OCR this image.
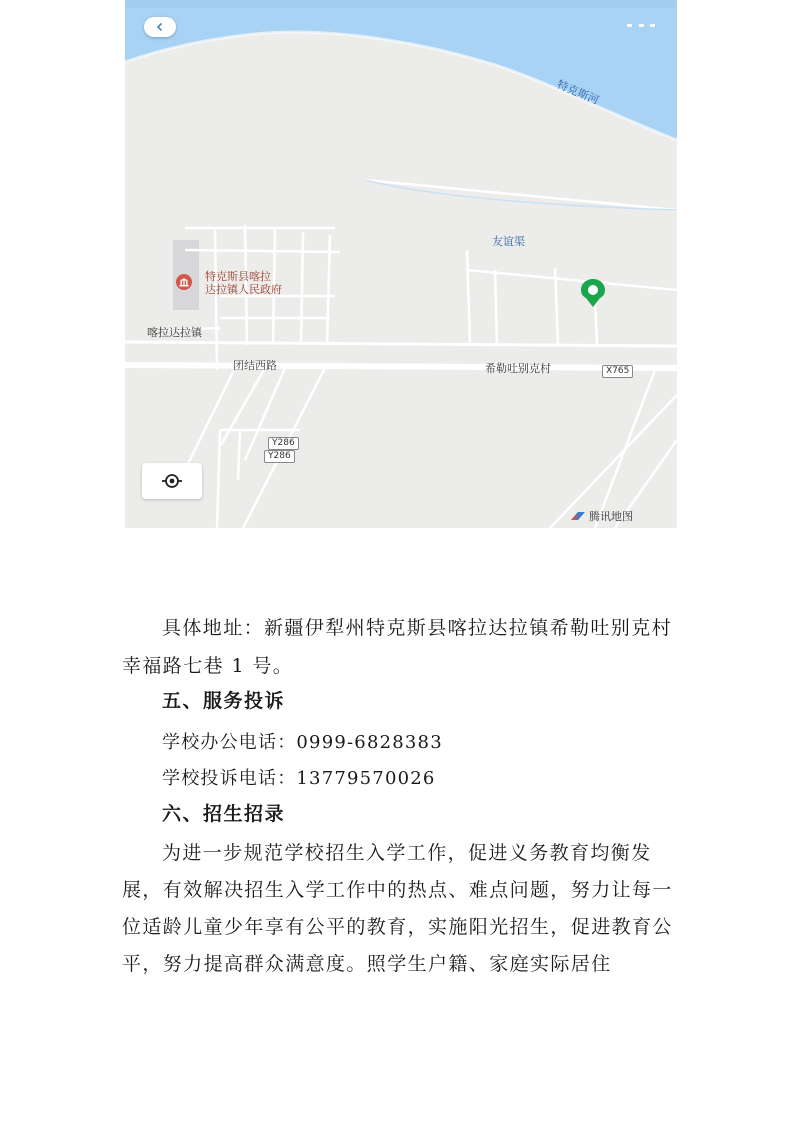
特克斯河
友谊渠
特克斯县喀拉
达拉镇人民政府
喀拉达拉镇
团结西路	希勒吐别克村	X765
Y286
Y286
腾讯地图
具体地址：新疆伊犁州特克斯县喀拉达拉镇希勒吐别克村幸福路七巷 1 号。
五、服务投诉
学校办公电话：0999-6828383
学校投诉电话：13779570026
六、招生招录
为进一步规范学校招生入学工作，促进义务教育均衡发展，有效解决招生入学工作中的热点、难点问题，努力让每一位适龄儿童少年享有公平的教育，实施阳光招生，促进教育公平，努力提高群众满意度。照学生户籍、家庭实际居住
